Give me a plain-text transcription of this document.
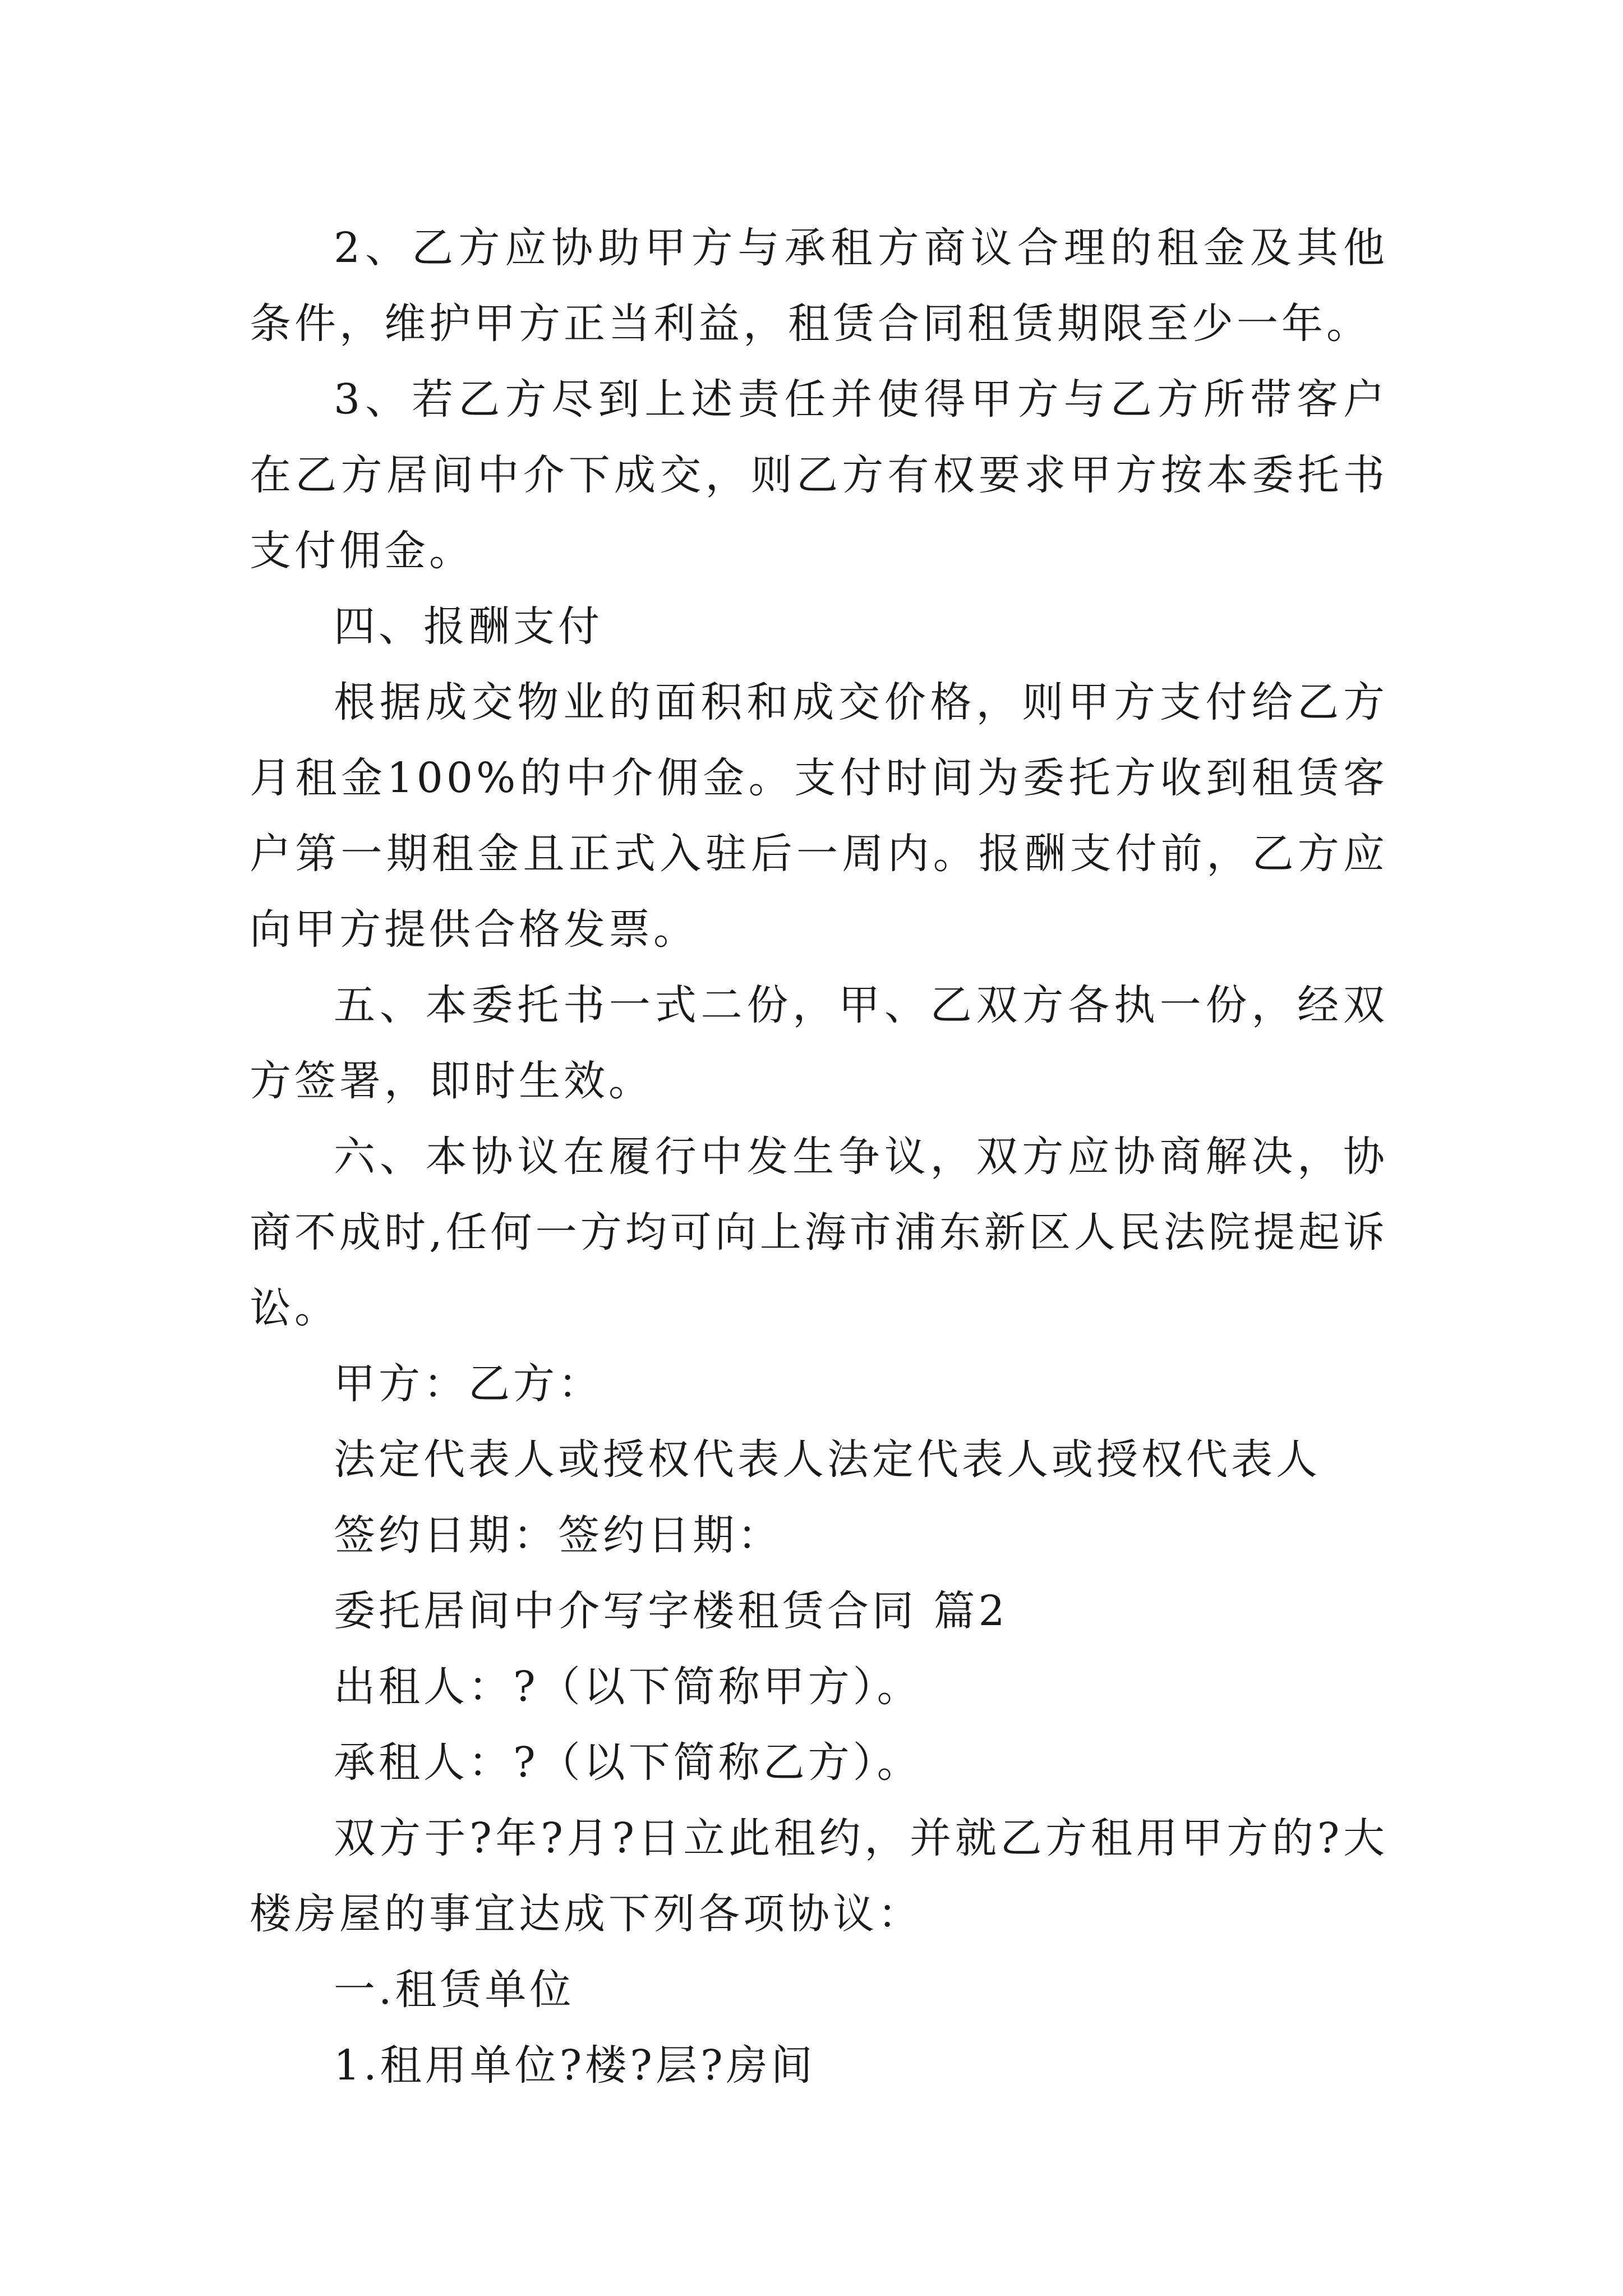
2、乙方应协助甲方与承租方商议合理的租金及其他条件，维护甲方正当利益，租赁合同租赁期限至少一年。

3、若乙方尽到上述责任并使得甲方与乙方所带客户在乙方居间中介下成交，则乙方有权要求甲方按本委托书支付佣金。

四、报酬支付

根据成交物业的面积和成交价格，则甲方支付给乙方月租金100%的中介佣金。支付时间为委托方收到租赁客户第一期租金且正式入驻后一周内。报酬支付前，乙方应向甲方提供合格发票。

五、本委托书一式二份，甲、乙双方各执一份，经双方签署，即时生效。

六、本协议在履行中发生争议，双方应协商解决，协商不成时,任何一方均可向上海市浦东新区人民法院提起诉讼。

甲方：乙方：

法定代表人或授权代表人法定代表人或授权代表人

签约日期：签约日期：

委托居间中介写字楼租赁合同 篇2

出租人：?（以下简称甲方）。

承租人：?（以下简称乙方）。

双方于?年?月?日立此租约，并就乙方租用甲方的?大楼房屋的事宜达成下列各项协议：

一.租赁单位

1.租用单位?楼?层?房间
